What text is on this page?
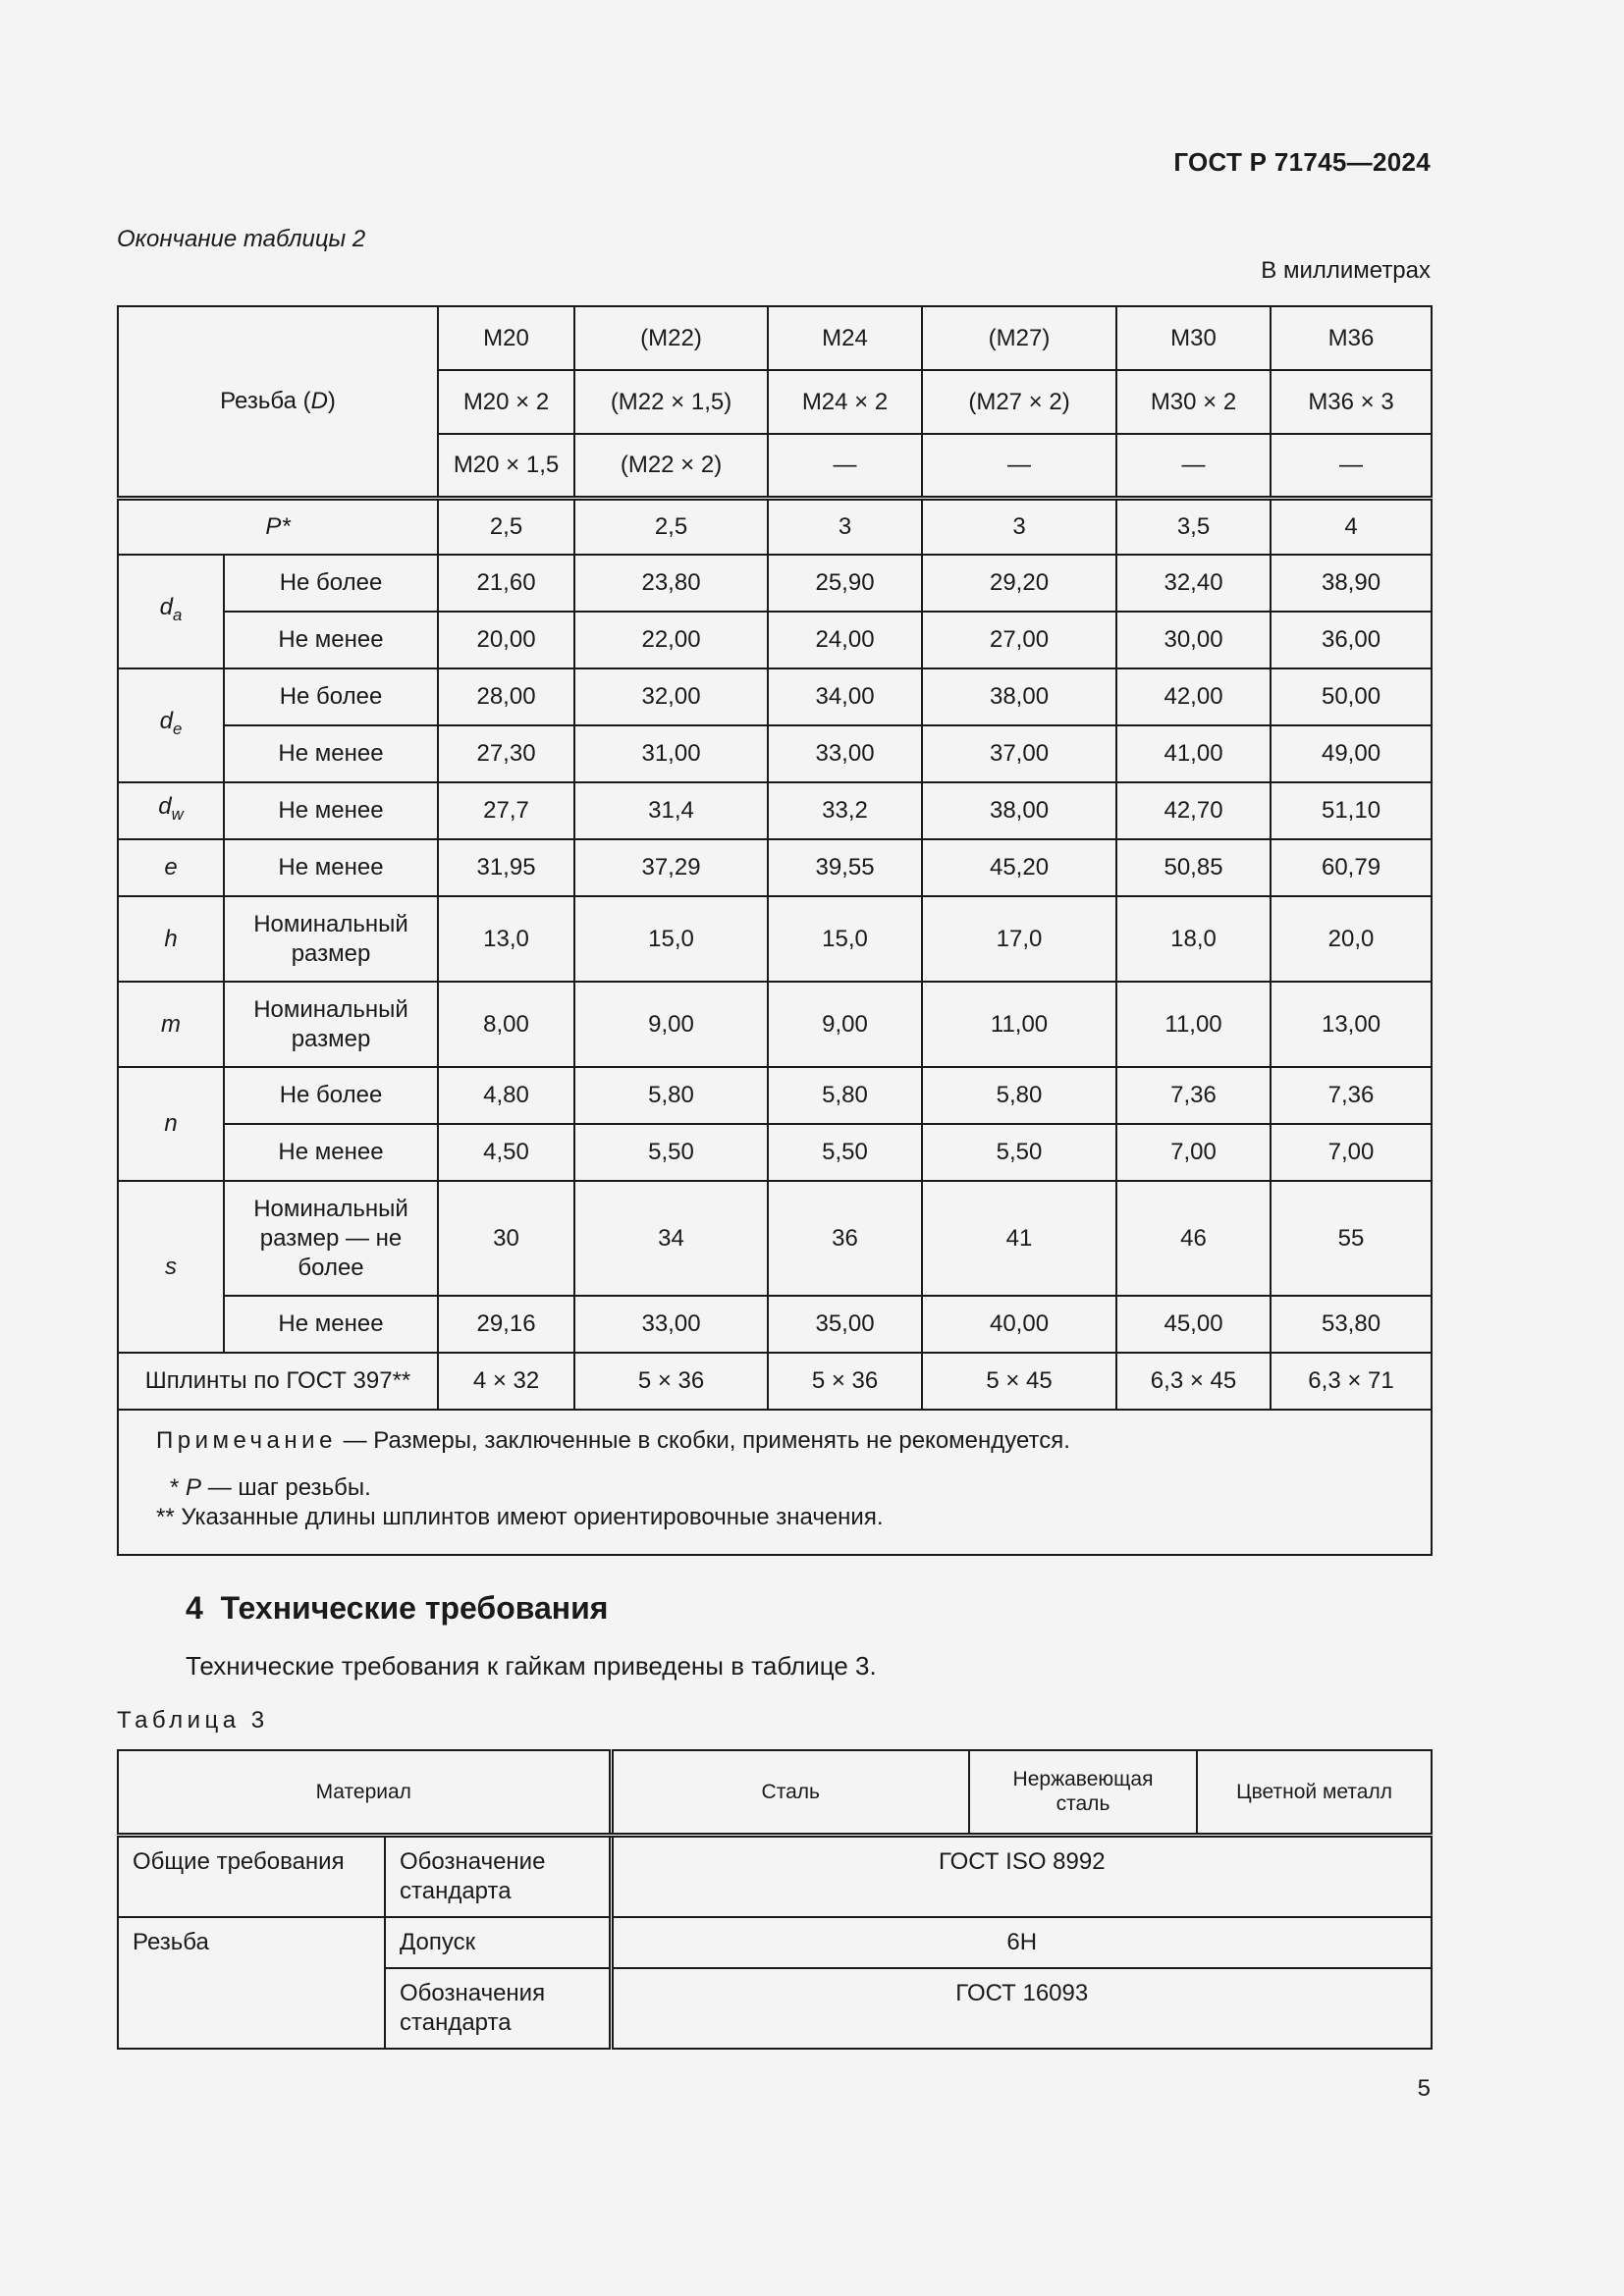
ГОСТ Р 71745—2024
Окончание таблицы 2
В миллиметрах
Резьба (D)		M20	(M22)	M24	(M27)	M30	M36
		M20 × 2	(M22 × 1,5)	M24 × 2	(M27 × 2)	M30 × 2	M36 × 3
		M20 × 1,5	(M22 × 2)	—	—	—	—
P*		2,5	2,5	3	3	3,5	4
$d_a$	Не более	21,60	23,80	25,90	29,20	32,40	38,90
	Не менее	20,00	22,00	24,00	27,00	30,00	36,00
$d_e$	Не более	28,00	32,00	34,00	38,00	42,00	50,00
	Не менее	27,30	31,00	33,00	37,00	41,00	49,00
$d_w$	Не менее	27,7	31,4	33,2	38,00	42,70	51,10
e	Не менее	31,95	37,29	39,55	45,20	50,85	60,79
h	Номинальный
размер	13,0	15,0	15,0	17,0	18,0	20,0
m	Номинальный
размер	8,00	9,00	9,00	11,00	11,00	13,00
n	Не более	4,80	5,80	5,80	5,80	7,36	7,36
	Не менее	4,50	5,50	5,50	5,50	7,00	7,00
s	Номинальный
размер — не
более	30	34	36	41	46	55
	Не менее	29,16	33,00	35,00	40,00	45,00	53,80
Шплинты по ГОСТ 397**		4 × 32	5 × 36	5 × 36	5 × 45	6,3 × 45	6,3 × 71

Примечание — Размеры, заключенные в скобки, применять не рекомендуется.

* P — шаг резьбы.

** Указанные длины шплинтов имеют ориентировочные значения.							

4  Технические требования
Технические требования к гайкам приведены в таблице 3.
Таблица 3
Материал		Сталь	Нержавеющая
сталь	Цветной металл
Общие требования	Обозначение
стандарта	ГОСТ ISO 8992		
Резьба	Допуск	6H		
	Обозначения
стандарта	ГОСТ 16093		
5
